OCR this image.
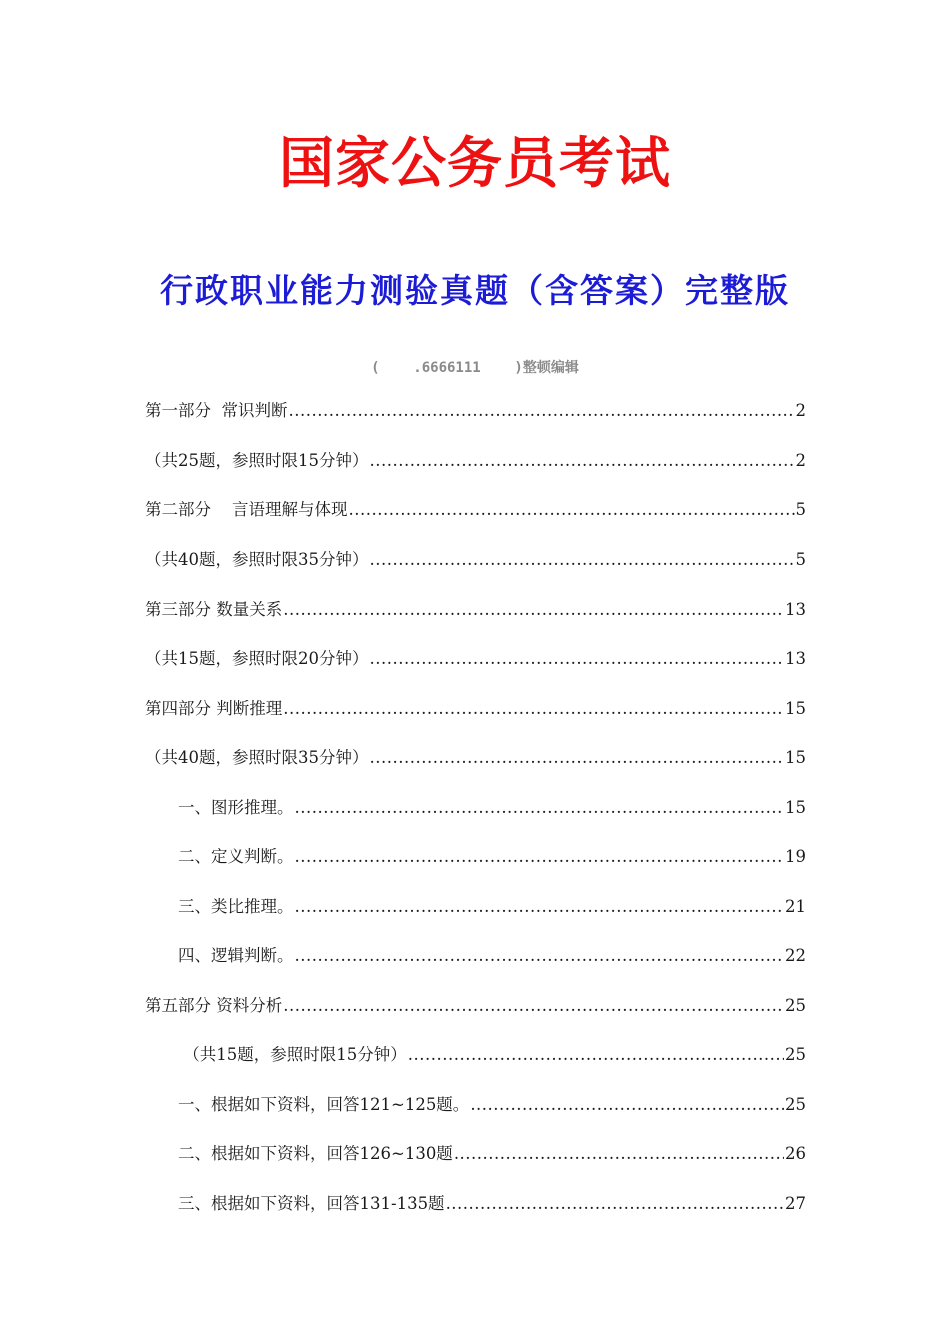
国家公务员考试
行政职业能力测验真题（含答案）完整版
(    .6666111    )整顿编辑
第一部分  常识判断 .....	2
（共25题，参照时限15分钟） .....	2
第二部分    言语理解与体现 .....	5
（共40题，参照时限35分钟） .....	5
第三部分 数量关系 .....	13
（共15题，参照时限20分钟） .....	13
第四部分 判断推理 .....	15
（共40题，参照时限35分钟） .....	15
一、图形推理。 .....	15
二、定义判断。 .....	19
三、类比推理。 .....	21
四、逻辑判断。 .....	22
第五部分 资料分析 .....	25
（共15题，参照时限15分钟） .....	25
一、根据如下资料，回答121~125题。 .....	25
二、根据如下资料，回答126~130题 .....	26
三、根据如下资料，回答131-135题 .....	27
